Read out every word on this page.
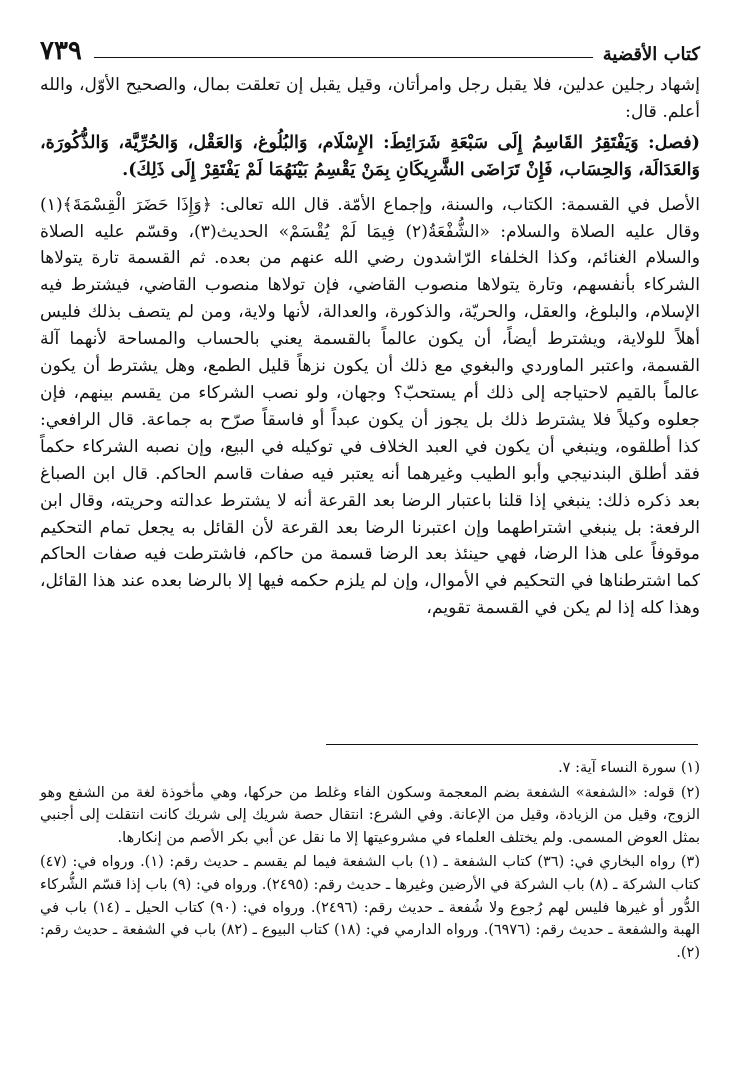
٧٣٩	كتاب الأقضية

إشهاد رجلين عدلين، فلا يقبل رجل وامرأتان، وقيل يقبل إن تعلقت بمال، والصحيح الأوّل، والله أعلم. قال:

(فصل: وَيَفْتَقِرُ القَاسِمُ إِلَى سَبْعَةِ شَرَائِطَ: الإِسْلَام، وَالبُلُوغ، وَالعَقْل، وَالحُرِّيَّة، وَالذُّكُورَة، وَالعَدَالَة، وَالحِسَاب، فَإِنْ تَرَاضَى الشَّرِيكَانِ بِمَنْ يَقْسِمُ بَيْنَهُمَا لَمْ يَفْتَقِرْ إِلَى ذَلِكَ).

الأصل في القسمة: الكتاب، والسنة، وإجماع الأمّة. قال الله تعالى: ﴿وَإِذَا حَضَرَ الْقِسْمَةَ﴾(١) وقال عليه الصلاة والسلام: «الشُّفْعَةُ(٢) فِيمَا لَمْ يُقْسَمْ» الحديث(٣)، وقسّم عليه الصلاة والسلام الغنائم، وكذا الخلفاء الرّاشدون رضي الله عنهم من بعده. ثم القسمة تارة يتولاها الشركاء بأنفسهم، وتارة يتولاها منصوب القاضي، فإن تولاها منصوب القاضي، فيشترط فيه الإسلام، والبلوغ، والعقل، والحريّة، والذكورة، والعدالة، لأنها ولاية، ومن لم يتصف بذلك فليس أهلاً للولاية، ويشترط أيضاً، أن يكون عالماً بالقسمة يعني بالحساب والمساحة لأنهما آلة القسمة، واعتبر الماوردي والبغوي مع ذلك أن يكون نزهاً قليل الطمع، وهل يشترط أن يكون عالماً بالقيم لاحتياجه إلى ذلك أم يستحبّ؟ وجهان، ولو نصب الشركاء من يقسم بينهم، فإن جعلوه وكيلاً فلا يشترط ذلك بل يجوز أن يكون عبداً أو فاسقاً صرّح به جماعة. قال الرافعي: كذا أطلقوه، وينبغي أن يكون في العبد الخلاف في توكيله في البيع، وإن نصبه الشركاء حكماً فقد أطلق البندنيجي وأبو الطيب وغيرهما أنه يعتبر فيه صفات قاسم الحاكم. قال ابن الصباغ بعد ذكره ذلك: ينبغي إذا قلنا باعتبار الرضا بعد القرعة أنه لا يشترط عدالته وحريته، وقال ابن الرفعة: بل ينبغي اشتراطهما وإن اعتبرنا الرضا بعد القرعة لأن القائل به يجعل تمام التحكيم موقوفاً على هذا الرضا، فهي حينئذ بعد الرضا قسمة من حاكم، فاشترطت فيه صفات الحاكم كما اشترطناها في التحكيم في الأموال، وإن لم يلزم حكمه فيها إلا بالرضا بعده عند هذا القائل، وهذا كله إذا لم يكن في القسمة تقويم،

(١) سورة النساء آية: ٧.

(٢) قوله: «الشفعة» الشفعة بضم المعجمة وسكون الفاء وغلط من حركها، وهي مأخوذة لغة من الشفع وهو الزوج، وقيل من الزيادة، وقيل من الإعانة. وفي الشرع: انتقال حصة شريك إلى شريك كانت انتقلت إلى أجنبي بمثل العوض المسمى. ولم يختلف العلماء في مشروعيتها إلا ما نقل عن أبي بكر الأصم من إنكارها.

(٣) رواه البخاري في: (٣٦) كتاب الشفعة ـ (١) باب الشفعة فيما لم يقسم ـ حديث رقم: (١). ورواه في: (٤٧) كتاب الشركة ـ (٨) باب الشركة في الأرضين وغيرها ـ حديث رقم: (٢٤٩٥). ورواه في: (٩) باب إذا قسّم الشُّركاء الدُّور أو غيرها فليس لهم رُجوع ولا شُفعة ـ حديث رقم: (٢٤٩٦). ورواه في: (٩٠) كتاب الحيل ـ (١٤) باب في الهبة والشفعة ـ حديث رقم: (٦٩٧٦). ورواه الدارمي في: (١٨) كتاب البيوع ـ (٨٢) باب في الشفعة ـ حديث رقم: (٢).
